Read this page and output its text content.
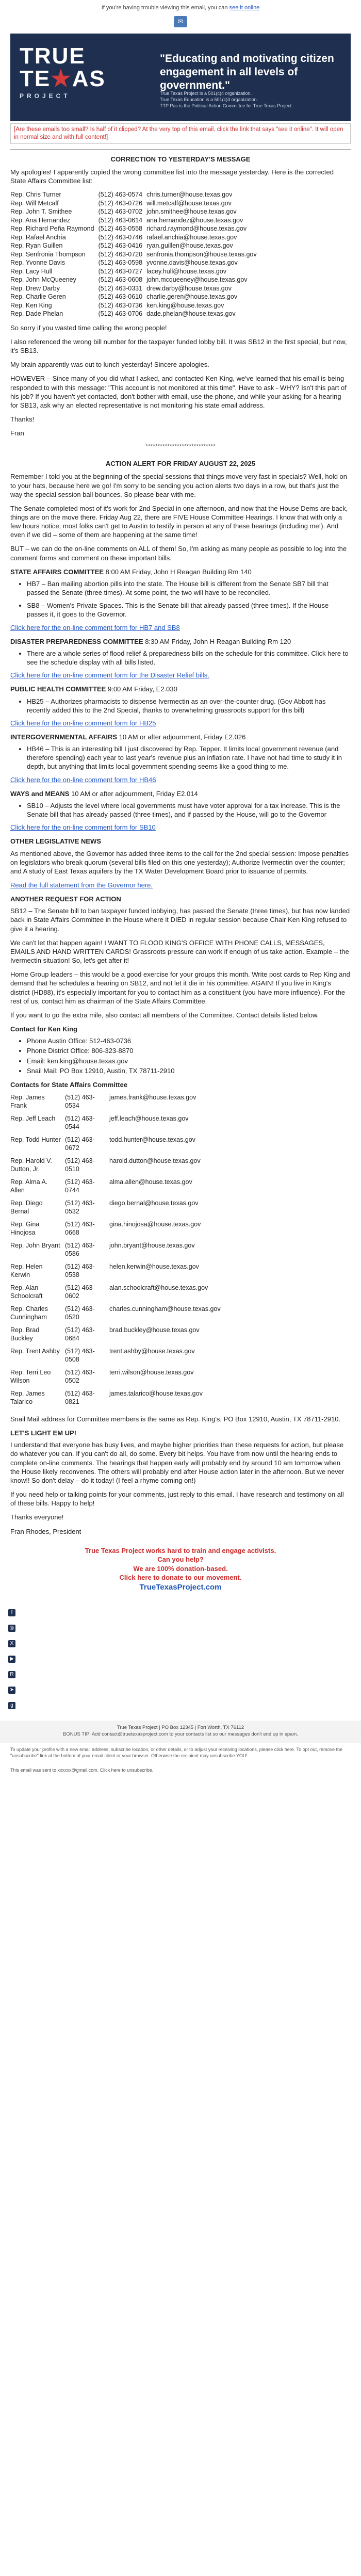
If you're having trouble viewing this email, you can see it online
✉
TRUE
TE★AS
PROJECT
"Educating and motivating citizen engagement in all levels of government."
True Texas Project is a 501(c)4 organization.
True Texas Education is a 501(c)3 organization.
TTP Pac is the Political Action Committee for True Texas Project.
[Are these emails too small? Is half of it clipped? At the very top of this email, click the link that says "see it online". It will open in normal size and with full content!]
CORRECTION TO YESTERDAY'S MESSAGE

My apologies! I apparently copied the wrong committee list into the message yesterday. Here is the corrected State Affairs Committee list:

Rep. Chris Turner	(512) 463-0574	chris.turner@house.texas.gov
Rep. Will Metcalf	(512) 463-0726	will.metcalf@house.texas.gov
Rep. John T. Smithee	(512) 463-0702	john.smithee@house.texas.gov
Rep. Ana Hernandez	(512) 463-0614	ana.hernandez@house.texas.gov
Rep. Richard Peña Raymond	(512) 463-0558	richard.raymond@house.texas.gov
Rep. Rafael Anchía	(512) 463-0746	rafael.anchia@house.texas.gov
Rep. Ryan Guillen	(512) 463-0416	ryan.guillen@house.texas.gov
Rep. Senfronia Thompson	(512) 463-0720	senfronia.thompson@house.texas.gov
Rep. Yvonne Davis	(512) 463-0598	yvonne.davis@house.texas.gov
Rep. Lacy Hull	(512) 463-0727	lacey.hull@house.texas.gov
Rep. John McQueeney	(512) 463-0608	john.mcqueeney@house.texas.gov
Rep. Drew Darby	(512) 463-0331	drew.darby@house.texas.gov
Rep. Charlie Geren	(512) 463-0610	charlie.geren@house.texas.gov
Rep. Ken King	(512) 463-0736	ken.king@house.texas.gov
Rep. Dade Phelan	(512) 463-0706	dade.phelan@house.texas.gov

So sorry if you wasted time calling the wrong people!

I also referenced the wrong bill number for the taxpayer funded lobby bill. It was SB12 in the first special, but now, it's SB13.

My brain apparently was out to lunch yesterday! Sincere apologies.

HOWEVER – Since many of you did what I asked, and contacted Ken King, we've learned that his email is being responded to with this message: "This account is not monitored at this time". Have to ask - WHY? Isn't this part of his job? If you haven't yet contacted, don't bother with email, use the phone, and while your asking for a hearing for SB13, ask why an elected representative is not monitoring his state email address.

Thanks!

Fran

*****************************
ACTION ALERT FOR FRIDAY AUGUST 22, 2025

Remember I told you at the beginning of the special sessions that things move very fast in specials? Well, hold on to your hats, because here we go! I'm sorry to be sending you action alerts two days in a row, but that's just the way the special session ball bounces. So please bear with me.

The Senate completed most of it's work for 2nd Special in one afternoon, and now that the House Dems are back, things are on the move there. Friday Aug 22, there are FIVE House Committee Hearings. I know that with only a few hours notice, most folks can't get to Austin to testify in person at any of these hearings (including me!). And even if we did – some of them are happening at the same time!

BUT – we can do the on-line comments on ALL of them! So, I'm asking as many people as possible to log into the comment forms and comment on these important bills.

STATE AFFAIRS COMMITTEE 8:00 AM Friday, John H Reagan Building Rm 140
• HB7 – Ban mailing abortion pills into the state. The House bill is different from the Senate SB7 bill that passed the Senate (three times). At some point, the two will have to be reconciled.
• SB8 – Women's Private Spaces. This is the Senate bill that already passed (three times). If the House passes it, it goes to the Governor.

Click here for the on-line comment form for HB7 and SB8

DISASTER PREPAREDNESS COMMITTEE 8:30 AM Friday, John H Reagan Building Rm 120
• There are a whole series of flood relief & preparedness bills on the schedule for this committee. Click here to see the schedule display with all bills listed.

Click here for the on-line comment form for the Disaster Relief bills.

PUBLIC HEALTH COMMITTEE 9:00 AM Friday, E2.030
• HB25 – Authorizes pharmacists to dispense Ivermectin as an over-the-counter drug. (Gov Abbott has recently added this to the 2nd Special, thanks to overwhelming grassroots support for this bill)

Click here for the on-line comment form for HB25

INTERGOVERNMENTAL AFFAIRS 10 AM or after adjournment, Friday E2.026
• HB46 – This is an interesting bill I just discovered by Rep. Tepper. It limits local government revenue (and therefore spending) each year to last year's revenue plus an inflation rate. I have not had time to study it in depth, but anything that limits local government spending seems like a good thing to me.

Click here for the on-line comment form for HB46

WAYS and MEANS 10 AM or after adjournment, Friday E2.014
• SB10 – Adjusts the level where local governments must have voter approval for a tax increase. This is the Senate bill that has already passed (three times), and if passed by the House, will go to the Governor

Click here for the on-line comment form for SB10

OTHER LEGISLATIVE NEWS

As mentioned above, the Governor has added three items to the call for the 2nd special session: Impose penalties on legislators who break quorum (several bills filed on this one yesterday); Authorize Ivermectin over the counter; and A study of East Texas aquifers by the TX Water Development Board prior to issuance of permits.

Read the full statement from the Governor here.

ANOTHER REQUEST FOR ACTION

SB12 – The Senate bill to ban taxpayer funded lobbying, has passed the Senate (three times), but has now landed back in State Affairs Committee in the House where it DIED in regular session because Chair Ken King refused to give it a hearing.

We can't let that happen again! I WANT TO FLOOD KING'S OFFICE WITH PHONE CALLS, MESSAGES, EMAILS AND HAND WRITTEN CARDS! Grassroots pressure can work if enough of us take action. Example – the Ivermectin situation! So, let's get after it!

Home Group leaders – this would be a good exercise for your groups this month. Write post cards to Rep King and demand that he schedules a hearing on SB12, and not let it die in his committee. AGAIN! If you live in King's district (HD88), it's especially important for you to contact him as a constituent (you have more influence). For the rest of us, contact him as chairman of the State Affairs Committee.

If you want to go the extra mile, also contact all members of the Committee. Contact details listed below.

Contact for Ken King
• Phone Austin Office: 512-463-0736
• Phone District Office: 806-323-8870
• Email: ken.king@house.texas.gov
• Snail Mail: PO Box 12910, Austin, TX 78711-2910
Contacts for State Affairs Committee
Rep. James Frank	(512) 463-0534	james.frank@house.texas.gov
Rep. Jeff Leach	(512) 463-0544	jeff.leach@house.texas.gov
Rep. Todd Hunter	(512) 463-0672	todd.hunter@house.texas.gov
Rep. Harold V. Dutton, Jr.	(512) 463-0510	harold.dutton@house.texas.gov
Rep. Alma A. Allen	(512) 463-0744	alma.allen@house.texas.gov
Rep. Diego Bernal	(512) 463-0532	diego.bernal@house.texas.gov
Rep. Gina Hinojosa	(512) 463-0668	gina.hinojosa@house.texas.gov
Rep. John Bryant	(512) 463-0586	john.bryant@house.texas.gov
Rep. Helen Kerwin	(512) 463-0538	helen.kerwin@house.texas.gov
Rep. Alan Schoolcraft	(512) 463-0602	alan.schoolcraft@house.texas.gov
Rep. Charles Cunningham	(512) 463-0520	charles.cunningham@house.texas.gov
Rep. Brad Buckley	(512) 463-0684	brad.buckley@house.texas.gov
Rep. Trent Ashby	(512) 463-0508	trent.ashby@house.texas.gov
Rep. Terri Leo Wilson	(512) 463-0502	terri.wilson@house.texas.gov
Rep. James Talarico	(512) 463-0821	james.talarico@house.texas.gov

Snail Mail address for Committee members is the same as Rep. King's, PO Box 12910, Austin, TX 78711-2910.

LET'S LIGHT EM UP!

I understand that everyone has busy lives, and maybe higher priorities than these requests for action, but please do whatever you can. If you can't do all, do some. Every bit helps. You have from now until the hearing ends to complete on-line comments. The hearings that happen early will probably end by around 10 am tomorrow when the House likely reconvenes. The others will probably end after House action later in the afternoon. But we never know!! So don't delay – do it today! (I feel a rhyme coming on!)

If you need help or talking points for your comments, just reply to this email. I have research and testimony on all of these bills. Happy to help!

Thanks everyone!

Fran Rhodes, President

True Texas Project works hard to train and engage activists.
Can you help?
We are 100% donation-based.
Click here to donate to our movement.
TrueTexasProject.com
f
◎
X
▶
R
➤
g
True Texas Project | PO Box 12345 | Fort Worth, TX 76112
BONUS TIP: Add contact@truetexasproject.com to your contacts list so our messages don't end up in spam.
To update your profile with a new email address, subscribe location, or other details, or to adjust your receiving locations, please click here. To opt out, remove the "unsubscribe" link at the bottom of your email client or your browser. Otherwise the recipient may unsubscribe YOU!
This email was sent to xxxxxx@gmail.com. Click here to unsubscribe.
